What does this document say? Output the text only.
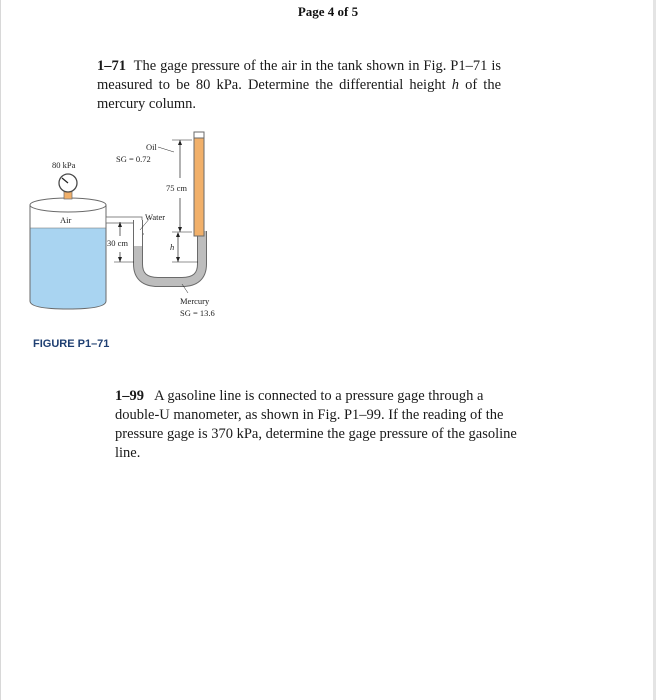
Page 4 of 5
1–71 The gage pressure of the air in the tank shown in Fig. P1–71 is measured to be 80 kPa. Determine the differential height h of the mercury column.
75 cm
30 cm	h
80 kPa
Air
Oil
SG = 0.72
Water
Mercury
SG = 13.6
FIGURE P1–71
1–99 A gasoline line is connected to a pressure gage through a double-U manometer, as shown in Fig. P1–99. If the reading of the pressure gage is 370 kPa, determine the gage pressure of the gasoline line.
